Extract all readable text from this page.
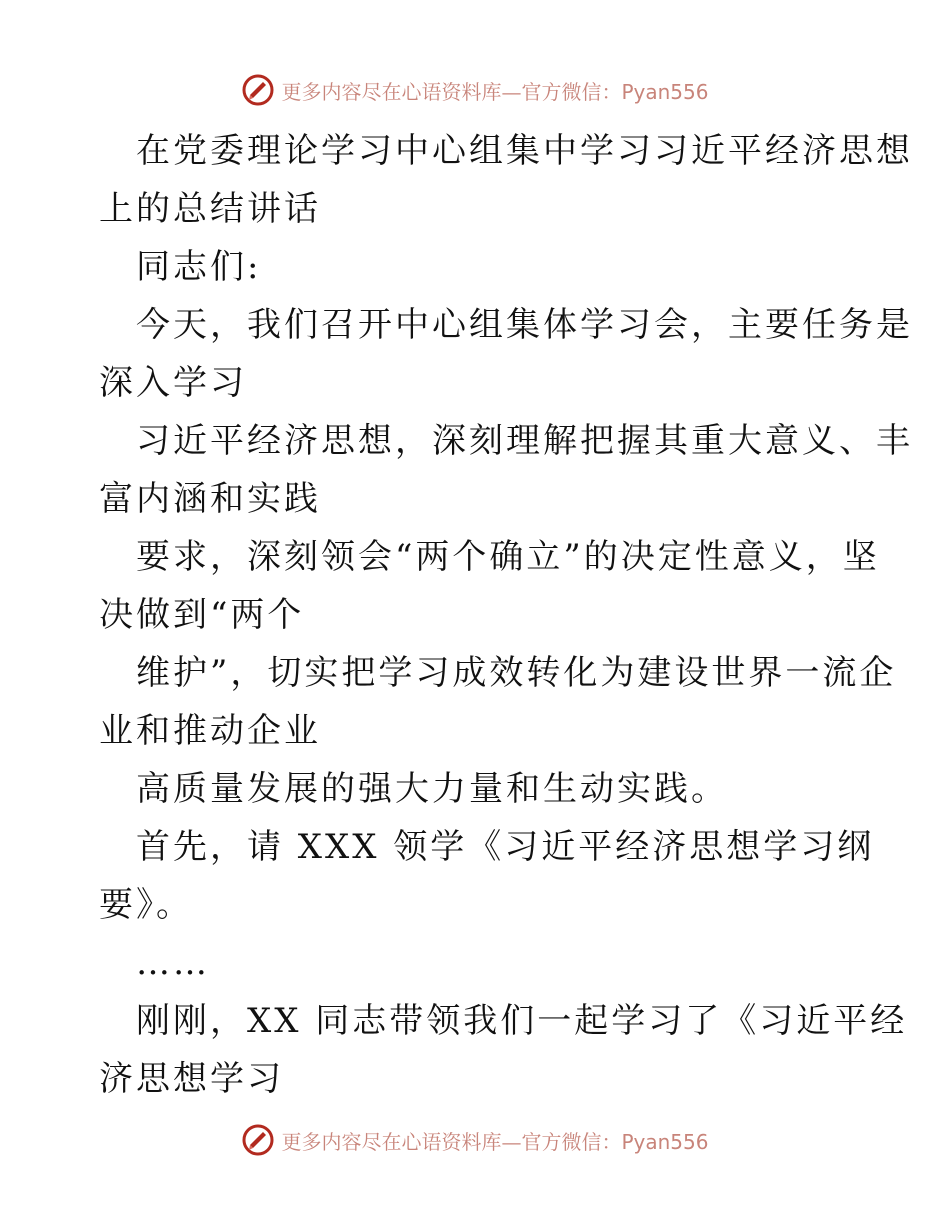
更多内容尽在心语资料库— 官方微信：Pyan556
在党委理论学习中心组集中学习习近平经济思想
上的总结讲话
同志们:
今天，我们召开中心组集体学习会，主要任务是
深入学习
习近平经济思想，深刻理解把握其重大意义、丰
富内涵和实践
要求，深刻领会“两个确立”的决定性意义，坚
决做到“两个
维护”，切实把学习成效转化为建设世界一流企
业和推动企业
高质量发展的强大力量和生动实践。
首先，请 XXX 领学《习近平经济思想学习纲
要》。
……
刚刚，XX 同志带领我们一起学习了《习近平经
济思想学习
更多内容尽在心语资料库— 官方微信：Pyan556
